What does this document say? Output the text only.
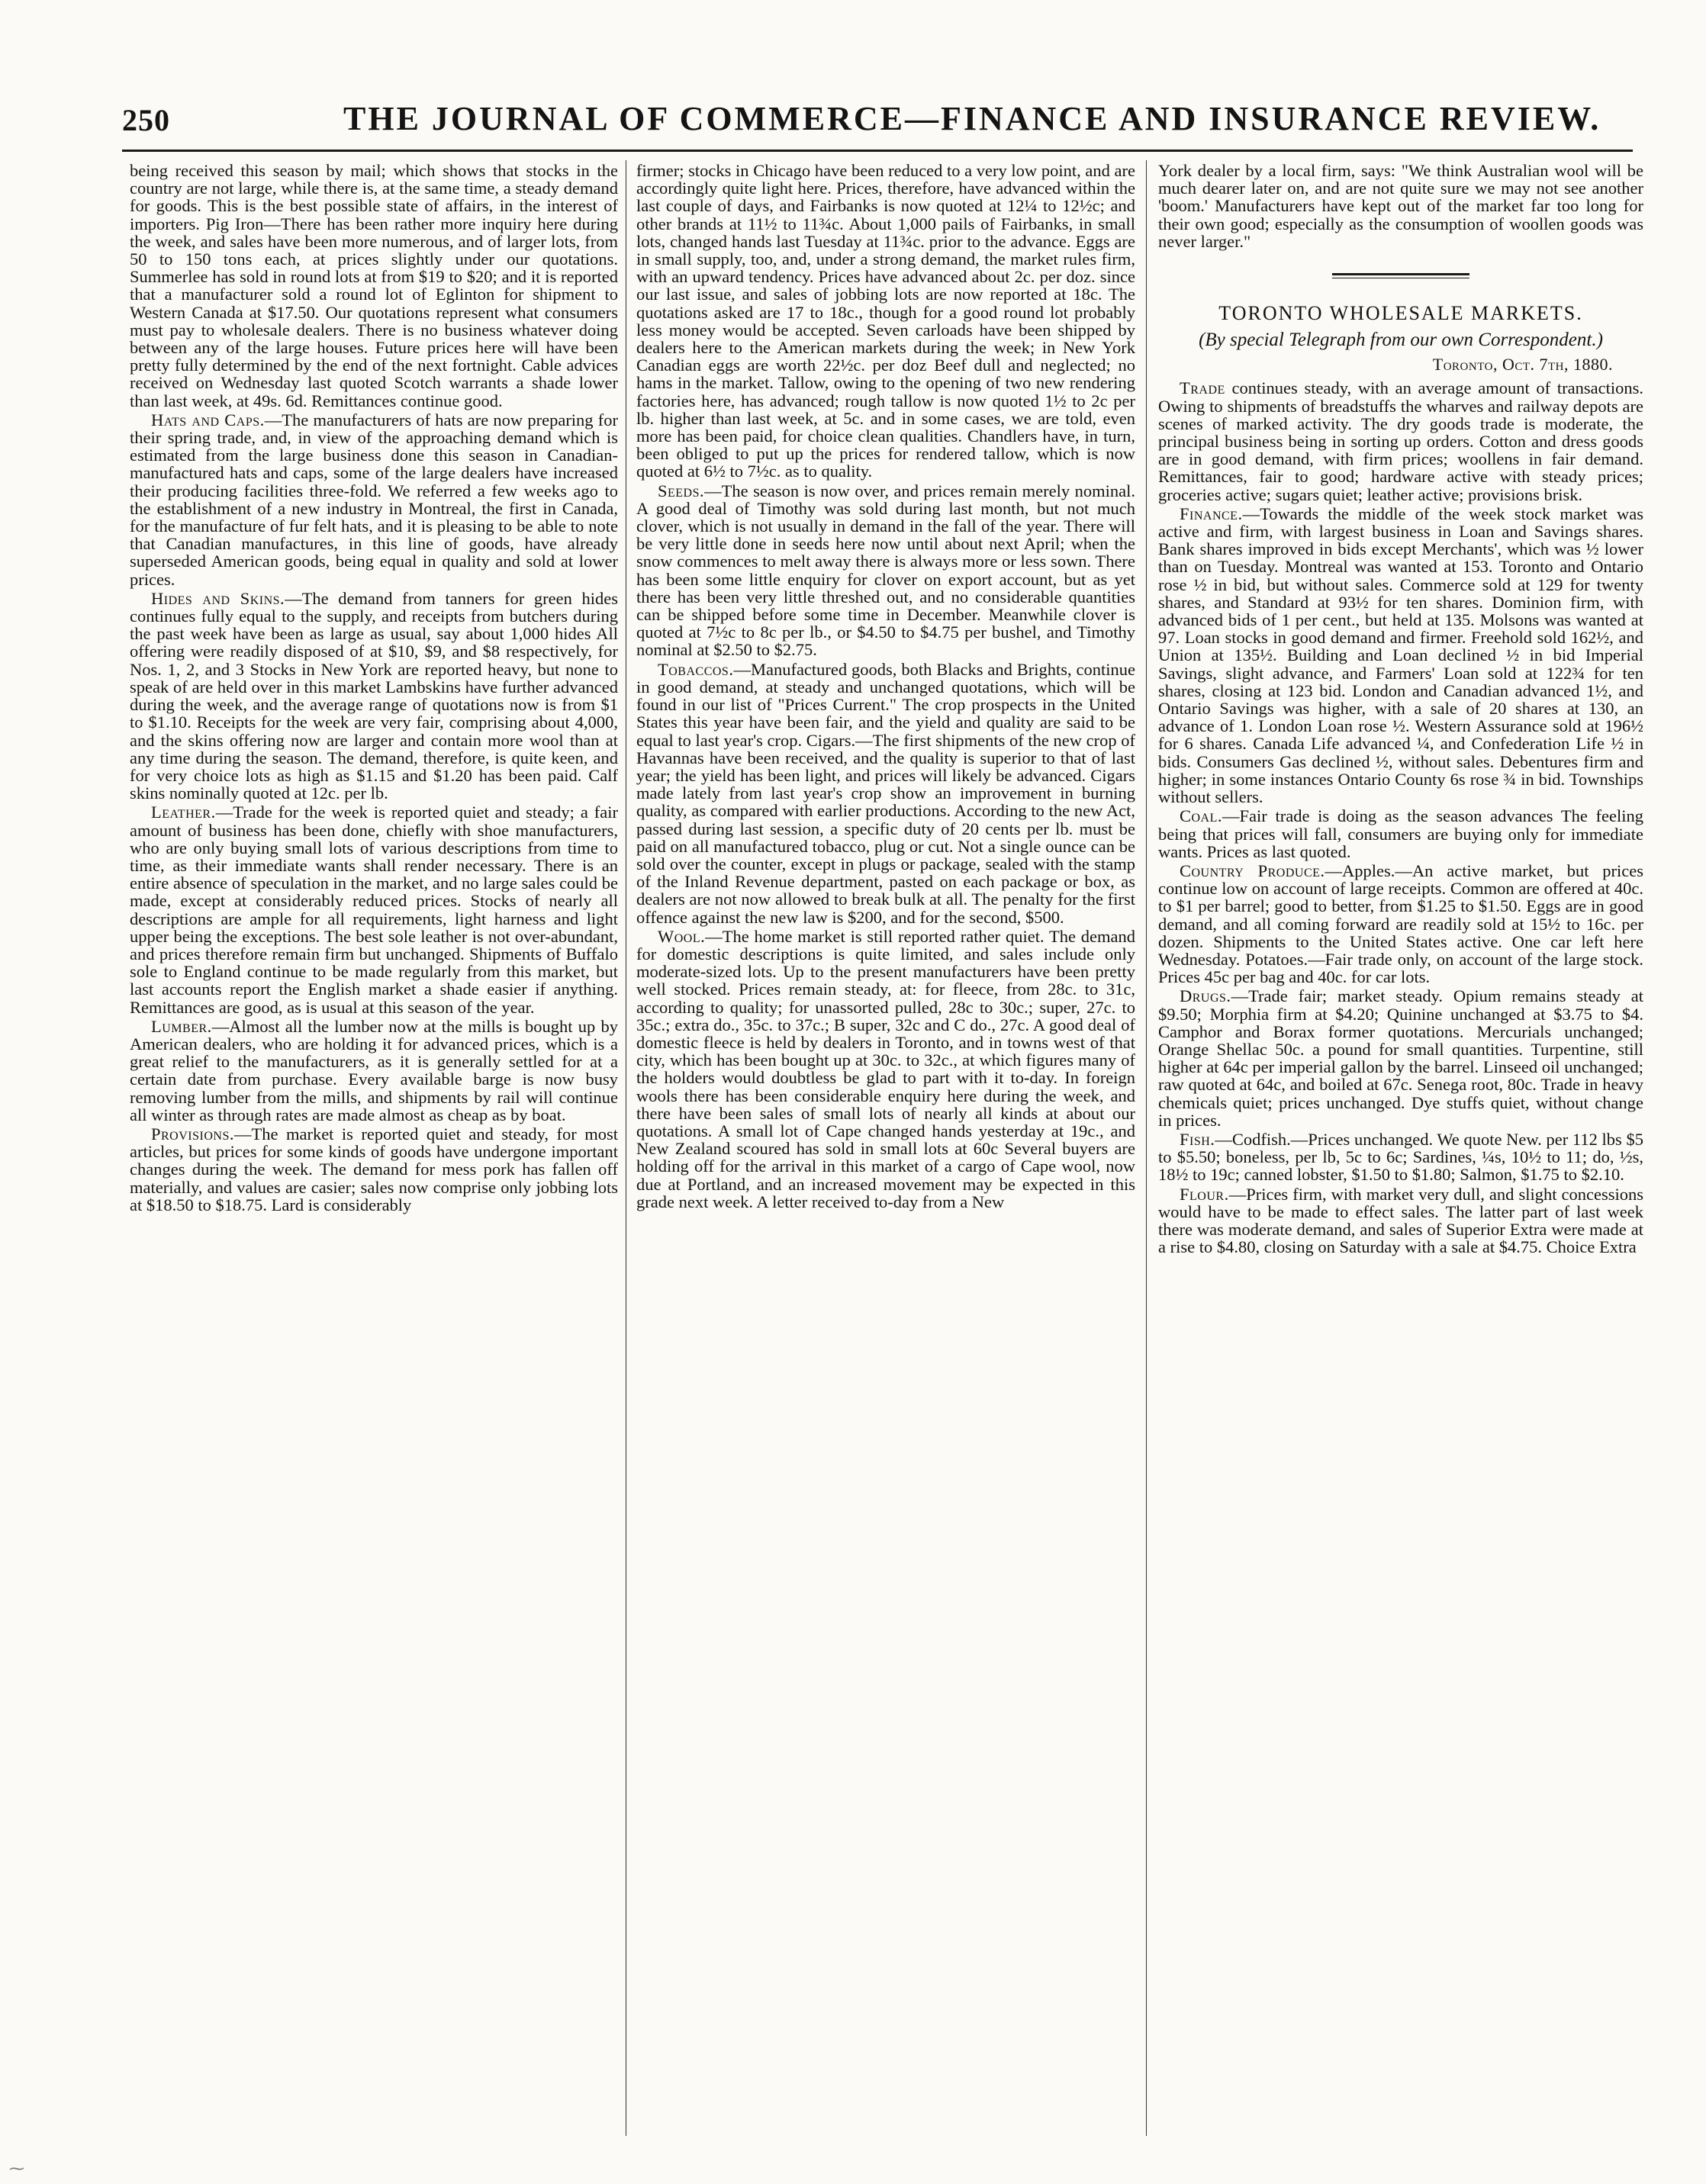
250	THE JOURNAL OF COMMERCE—FINANCE AND INSURANCE REVIEW.

being received this season by mail; which shows that stocks in the country are not large, while there is, at the same time, a steady demand for goods. This is the best possible state of affairs, in the interest of importers. Pig Iron—There has been rather more inquiry here during the week, and sales have been more numerous, and of larger lots, from 50 to 150 tons each, at prices slightly under our quotations. Summerlee has sold in round lots at from $19 to $20; and it is reported that a manufacturer sold a round lot of Eglinton for shipment to Western Canada at $17.50. Our quotations represent what consumers must pay to wholesale dealers. There is no business whatever doing between any of the large houses. Future prices here will have been pretty fully determined by the end of the next fortnight. Cable advices received on Wednesday last quoted Scotch warrants a shade lower than last week, at 49s. 6d. Remittances continue good.

Hats and Caps.—The manufacturers of hats are now preparing for their spring trade, and, in view of the approaching demand which is estimated from the large business done this season in Canadian-manufactured hats and caps, some of the large dealers have increased their producing facilities three-fold. We referred a few weeks ago to the establishment of a new industry in Montreal, the first in Canada, for the manufacture of fur felt hats, and it is pleasing to be able to note that Canadian manufactures, in this line of goods, have already superseded American goods, being equal in quality and sold at lower prices.

Hides and Skins.—The demand from tanners for green hides continues fully equal to the supply, and receipts from butchers during the past week have been as large as usual, say about 1,000 hides All offering were readily disposed of at $10, $9, and $8 respectively, for Nos. 1, 2, and 3 Stocks in New York are reported heavy, but none to speak of are held over in this market Lambskins have further advanced during the week, and the average range of quotations now is from $1 to $1.10. Receipts for the week are very fair, comprising about 4,000, and the skins offering now are larger and contain more wool than at any time during the season. The demand, therefore, is quite keen, and for very choice lots as high as $1.15 and $1.20 has been paid. Calf skins nominally quoted at 12c. per lb.

Leather.—Trade for the week is reported quiet and steady; a fair amount of business has been done, chiefly with shoe manufacturers, who are only buying small lots of various descriptions from time to time, as their immediate wants shall render necessary. There is an entire absence of speculation in the market, and no large sales could be made, except at considerably reduced prices. Stocks of nearly all descriptions are ample for all requirements, light harness and light upper being the exceptions. The best sole leather is not over-abundant, and prices therefore remain firm but unchanged. Shipments of Buffalo sole to England continue to be made regularly from this market, but last accounts report the English market a shade easier if anything. Remittances are good, as is usual at this season of the year.

Lumber.—Almost all the lumber now at the mills is bought up by American dealers, who are holding it for advanced prices, which is a great relief to the manufacturers, as it is generally settled for at a certain date from purchase. Every available barge is now busy removing lumber from the mills, and shipments by rail will continue all winter as through rates are made almost as cheap as by boat.

Provisions.—The market is reported quiet and steady, for most articles, but prices for some kinds of goods have undergone important changes during the week. The demand for mess pork has fallen off materially, and values are casier; sales now comprise only jobbing lots at $18.50 to $18.75. Lard is considerably

firmer; stocks in Chicago have been reduced to a very low point, and are accordingly quite light here. Prices, therefore, have advanced within the last couple of days, and Fairbanks is now quoted at 12¼ to 12½c; and other brands at 11½ to 11¾c. About 1,000 pails of Fairbanks, in small lots, changed hands last Tuesday at 11¾c. prior to the advance. Eggs are in small supply, too, and, under a strong demand, the market rules firm, with an upward tendency. Prices have advanced about 2c. per doz. since our last issue, and sales of jobbing lots are now reported at 18c. The quotations asked are 17 to 18c., though for a good round lot probably less money would be accepted. Seven carloads have been shipped by dealers here to the American markets during the week; in New York Canadian eggs are worth 22½c. per doz Beef dull and neglected; no hams in the market. Tallow, owing to the opening of two new rendering factories here, has advanced; rough tallow is now quoted 1½ to 2c per lb. higher than last week, at 5c. and in some cases, we are told, even more has been paid, for choice clean qualities. Chandlers have, in turn, been obliged to put up the prices for rendered tallow, which is now quoted at 6½ to 7½c. as to quality.

Seeds.—The season is now over, and prices remain merely nominal. A good deal of Timothy was sold during last month, but not much clover, which is not usually in demand in the fall of the year. There will be very little done in seeds here now until about next April; when the snow commences to melt away there is always more or less sown. There has been some little enquiry for clover on export account, but as yet there has been very little threshed out, and no considerable quantities can be shipped before some time in December. Meanwhile clover is quoted at 7½c to 8c per lb., or $4.50 to $4.75 per bushel, and Timothy nominal at $2.50 to $2.75.

Tobaccos.—Manufactured goods, both Blacks and Brights, continue in good demand, at steady and unchanged quotations, which will be found in our list of "Prices Current." The crop prospects in the United States this year have been fair, and the yield and quality are said to be equal to last year's crop. Cigars.—The first shipments of the new crop of Havannas have been received, and the quality is superior to that of last year; the yield has been light, and prices will likely be advanced. Cigars made lately from last year's crop show an improvement in burning quality, as compared with earlier productions. According to the new Act, passed during last session, a specific duty of 20 cents per lb. must be paid on all manufactured tobacco, plug or cut. Not a single ounce can be sold over the counter, except in plugs or package, sealed with the stamp of the Inland Revenue department, pasted on each package or box, as dealers are not now allowed to break bulk at all. The penalty for the first offence against the new law is $200, and for the second, $500.

Wool.—The home market is still reported rather quiet. The demand for domestic descriptions is quite limited, and sales include only moderate-sized lots. Up to the present manufacturers have been pretty well stocked. Prices remain steady, at: for fleece, from 28c. to 31c, according to quality; for unassorted pulled, 28c to 30c.; super, 27c. to 35c.; extra do., 35c. to 37c.; B super, 32c and C do., 27c. A good deal of domestic fleece is held by dealers in Toronto, and in towns west of that city, which has been bought up at 30c. to 32c., at which figures many of the holders would doubtless be glad to part with it to-day. In foreign wools there has been considerable enquiry here during the week, and there have been sales of small lots of nearly all kinds at about our quotations. A small lot of Cape changed hands yesterday at 19c., and New Zealand scoured has sold in small lots at 60c Several buyers are holding off for the arrival in this market of a cargo of Cape wool, now due at Portland, and an increased movement may be expected in this grade next week. A letter received to-day from a New

York dealer by a local firm, says: "We think Australian wool will be much dearer later on, and are not quite sure we may not see another 'boom.' Manufacturers have kept out of the market far too long for their own good; especially as the consumption of woollen goods was never larger."

TORONTO WHOLESALE MARKETS.
(By special Telegraph from our own Correspondent.)
Toronto, Oct. 7th, 1880.

Trade continues steady, with an average amount of transactions. Owing to shipments of breadstuffs the wharves and railway depots are scenes of marked activity. The dry goods trade is moderate, the principal business being in sorting up orders. Cotton and dress goods are in good demand, with firm prices; woollens in fair demand. Remittances, fair to good; hardware active with steady prices; groceries active; sugars quiet; leather active; provisions brisk.

Finance.—Towards the middle of the week stock market was active and firm, with largest business in Loan and Savings shares. Bank shares improved in bids except Merchants', which was ½ lower than on Tuesday. Montreal was wanted at 153. Toronto and Ontario rose ½ in bid, but without sales. Commerce sold at 129 for twenty shares, and Standard at 93½ for ten shares. Dominion firm, with advanced bids of 1 per cent., but held at 135. Molsons was wanted at 97. Loan stocks in good demand and firmer. Freehold sold 162½, and Union at 135½. Building and Loan declined ½ in bid Imperial Savings, slight advance, and Farmers' Loan sold at 122¾ for ten shares, closing at 123 bid. London and Canadian advanced 1½, and Ontario Savings was higher, with a sale of 20 shares at 130, an advance of 1. London Loan rose ½. Western Assurance sold at 196½ for 6 shares. Canada Life advanced ¼, and Confederation Life ½ in bids. Consumers Gas declined ½, without sales. Debentures firm and higher; in some instances Ontario County 6s rose ¾ in bid. Townships without sellers.

Coal.—Fair trade is doing as the season advances The feeling being that prices will fall, consumers are buying only for immediate wants. Prices as last quoted.

Country Produce.—Apples.—An active market, but prices continue low on account of large receipts. Common are offered at 40c. to $1 per barrel; good to better, from $1.25 to $1.50. Eggs are in good demand, and all coming forward are readily sold at 15½ to 16c. per dozen. Shipments to the United States active. One car left here Wednesday. Potatoes.—Fair trade only, on account of the large stock. Prices 45c per bag and 40c. for car lots.

Drugs.—Trade fair; market steady. Opium remains steady at $9.50; Morphia firm at $4.20; Quinine unchanged at $3.75 to $4. Camphor and Borax former quotations. Mercurials unchanged; Orange Shellac 50c. a pound for small quantities. Turpentine, still higher at 64c per imperial gallon by the barrel. Linseed oil unchanged; raw quoted at 64c, and boiled at 67c. Senega root, 80c. Trade in heavy chemicals quiet; prices unchanged. Dye stuffs quiet, without change in prices.

Fish.—Codfish.—Prices unchanged. We quote New. per 112 lbs $5 to $5.50; boneless, per lb, 5c to 6c; Sardines, ¼s, 10½ to 11; do, ½s, 18½ to 19c; canned lobster, $1.50 to $1.80; Salmon, $1.75 to $2.10.

Flour.—Prices firm, with market very dull, and slight concessions would have to be made to effect sales. The latter part of last week there was moderate demand, and sales of Superior Extra were made at a rise to $4.80, closing on Saturday with a sale at $4.75. Choice Extra

⁓
